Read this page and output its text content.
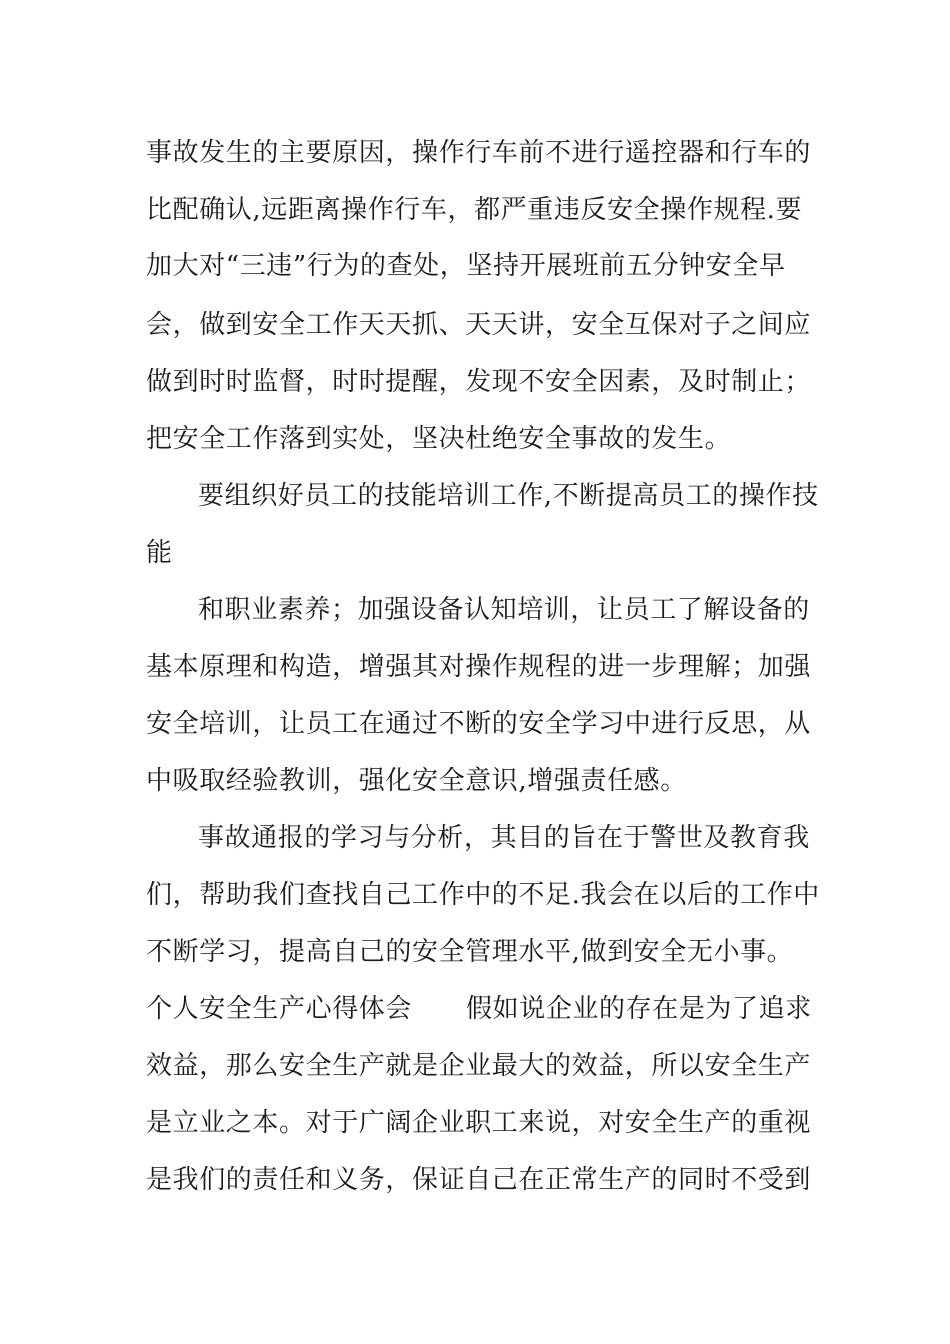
事故发生的主要原因，操作行车前不进行遥控器和行车的
比配确认,远距离操作行车，都严重违反安全操作规程.要
加大对“三违”行为的查处，坚持开展班前五分钟安全早
会，做到安全工作天天抓、天天讲，安全互保对子之间应
做到时时监督，时时提醒，发现不安全因素，及时制止；
把安全工作落到实处，坚决杜绝安全事故的发生。
要组织好员工的技能培训工作,不断提高员工的操作技
能
和职业素养；加强设备认知培训，让员工了解设备的
基本原理和构造，增强其对操作规程的进一步理解；加强
安全培训，让员工在通过不断的安全学习中进行反思，从
中吸取经验教训，强化安全意识,增强责任感。
事故通报的学习与分析，其目的旨在于警世及教育我
们，帮助我们查找自己工作中的不足.我会在以后的工作中
不断学习，提高自己的安全管理水平,做到安全无小事。
个人安全生产心得体会 假如说企业的存在是为了追求
效益，那么安全生产就是企业最大的效益，所以安全生产
是立业之本。对于广阔企业职工来说，对安全生产的重视
是我们的责任和义务，保证自己在正常生产的同时不受到
